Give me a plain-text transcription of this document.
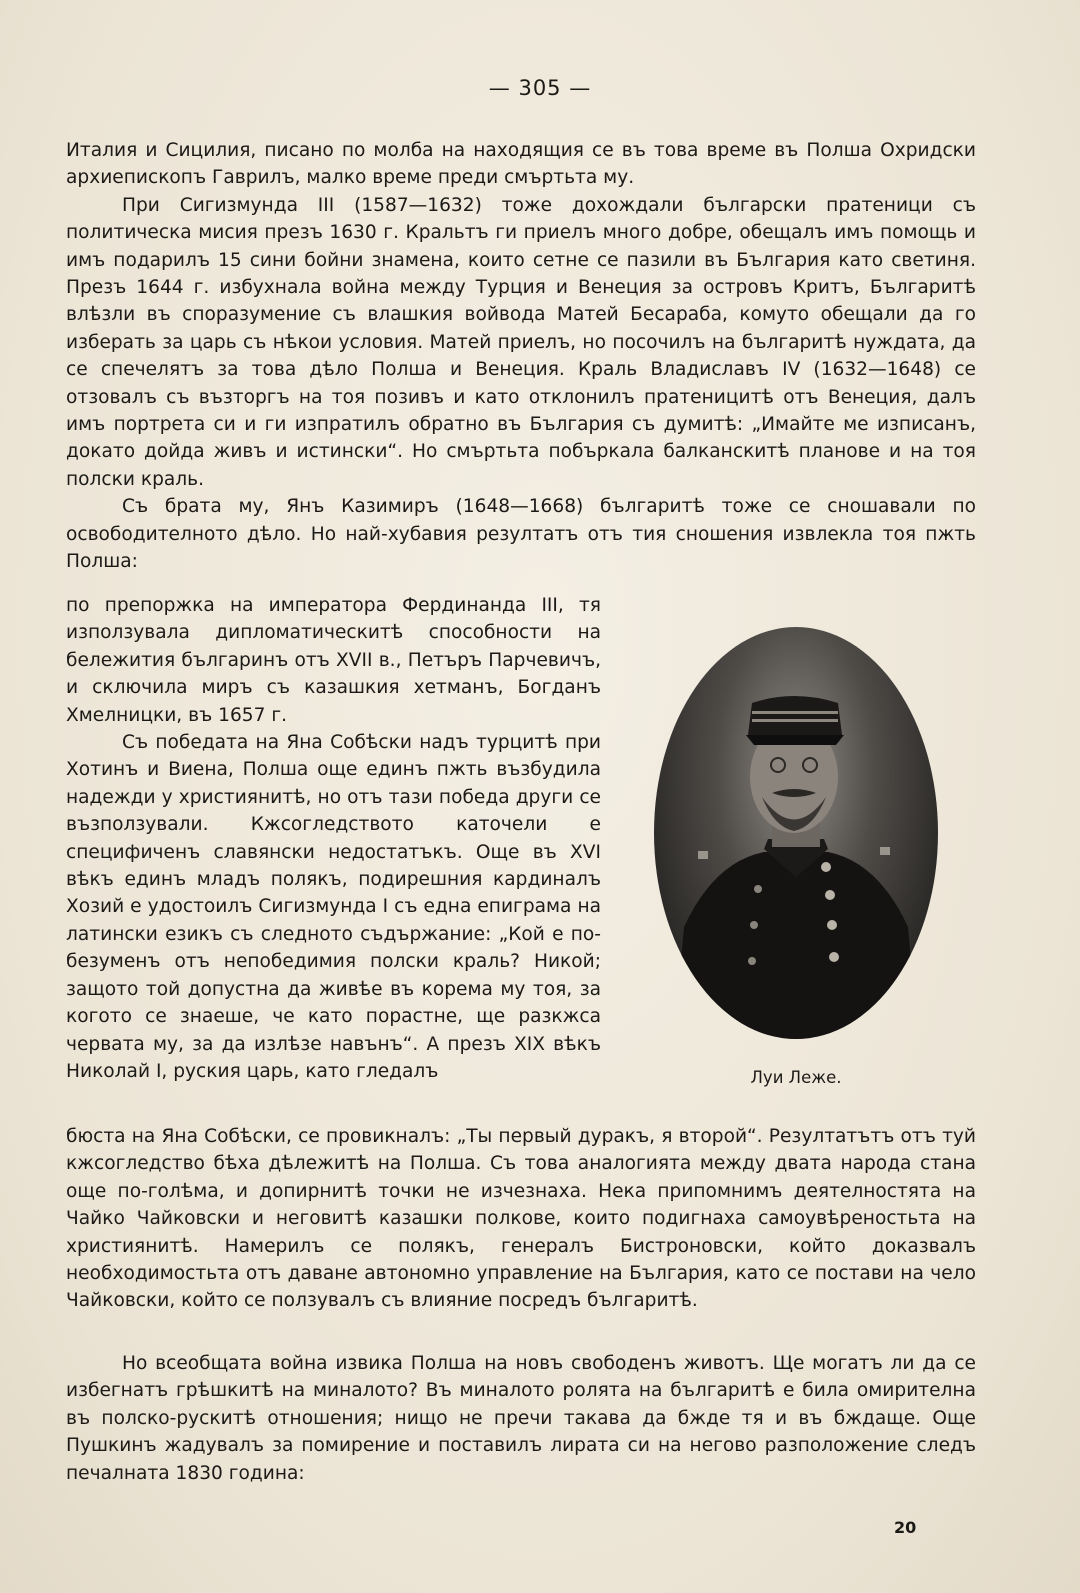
— 305 —

Италия и Сицилия, писано по молба на находящия се въ това време въ Полша Охридски архиепископъ Гаврилъ, малко време преди смъртьта му.

При Сигизмунда III (1587—1632) тоже дохождали български пратеници съ политическа мисия презъ 1630 г. Кральтъ ги приелъ много добре, обещалъ имъ помощь и имъ подарилъ 15 сини бойни знамена, които сетне се пазили въ България като светиня. Презъ 1644 г. избухнала война между Турция и Венеция за островъ Критъ, Българитѣ влѣзли въ споразумение съ влашкия войвода Матей Бесараба, комуто обещали да го изберать за царь съ нѣкои условия. Матей приелъ, но посочилъ на българитѣ нуждата, да се спечелятъ за това дѣло Полша и Венеция. Краль Владиславъ IV (1632—1648) се отзовалъ съ възторгъ на тоя позивъ и като отклонилъ пратеницитѣ отъ Венеция, далъ имъ портрета си и ги изпратилъ обратно въ България съ думитѣ: „Имайте ме изписанъ, докато дойда живъ и истински“. Но смъртьта побъркала балканскитѣ планове и на тоя полски краль.

Съ брата му, Янъ Казимиръ (1648—1668) българитѣ тоже се сношавали по освободителното дѣло. Но най-хубавия резултатъ отъ тия сношения извлекла тоя пжть Полша:

по препоржка на императора Фердинанда III, тя използувала дипломатическитѣ способности на бележития българинъ отъ XVII в., Петъръ Парчевичъ, и сключила миръ съ казашкия хетманъ, Богданъ Хмелницки, въ 1657 г.

Съ победата на Яна Собѣски надъ турцитѣ при Хотинъ и Виена, Полша още единъ пжть възбудила надежди у християнитѣ, но отъ тази победа други се възползували. Кжсогледството каточели е специфиченъ славянски недостатъкъ. Още въ XVI вѣкъ единъ младъ полякъ, подирешния кардиналъ Хозий е удостоилъ Сигизмунда I съ една епиграма на латински езикъ съ следното съдържание: „Кой е по-безуменъ отъ непобедимия полски краль? Никой; защото той допустна да живѣе въ корема му тоя, за когото се знаеше, че като порастне, ще разкжса червата му, за да излѣзе навънъ“. А презъ XIX вѣкъ Николай I, руския царь, като гледалъ	Луи Леже.

бюста на Яна Собѣски, се провикналъ: „Ты первый дуракъ, я второй“. Резултатътъ отъ туй кжсогледство бѣха дѣлежитѣ на Полша. Съ това аналогията между двата народа стана още по-голѣма, и допирнитѣ точки не изчезнаха. Нека припомнимъ деятелностята на Чайко Чайковски и неговитѣ казашки полкове, които подигнаха самоувѣреностьта на християнитѣ. Намерилъ се полякъ, генералъ Бистроновски, който доказвалъ необходимостьта отъ даване автономно управление на България, като се постави на чело Чайковски, който се ползувалъ съ влияние посредъ българитѣ.

Но всеобщата война извика Полша на новъ свободенъ животъ. Ще могатъ ли да се избегнатъ грѣшкитѣ на миналото? Въ миналото ролята на българитѣ е била омирителна въ полско-рускитѣ отношения; нищо не пречи такава да бжде тя и въ бждаще. Още Пушкинъ жадувалъ за помирение и поставилъ лирата си на негово разположение следъ печалната 1830 година:

20
